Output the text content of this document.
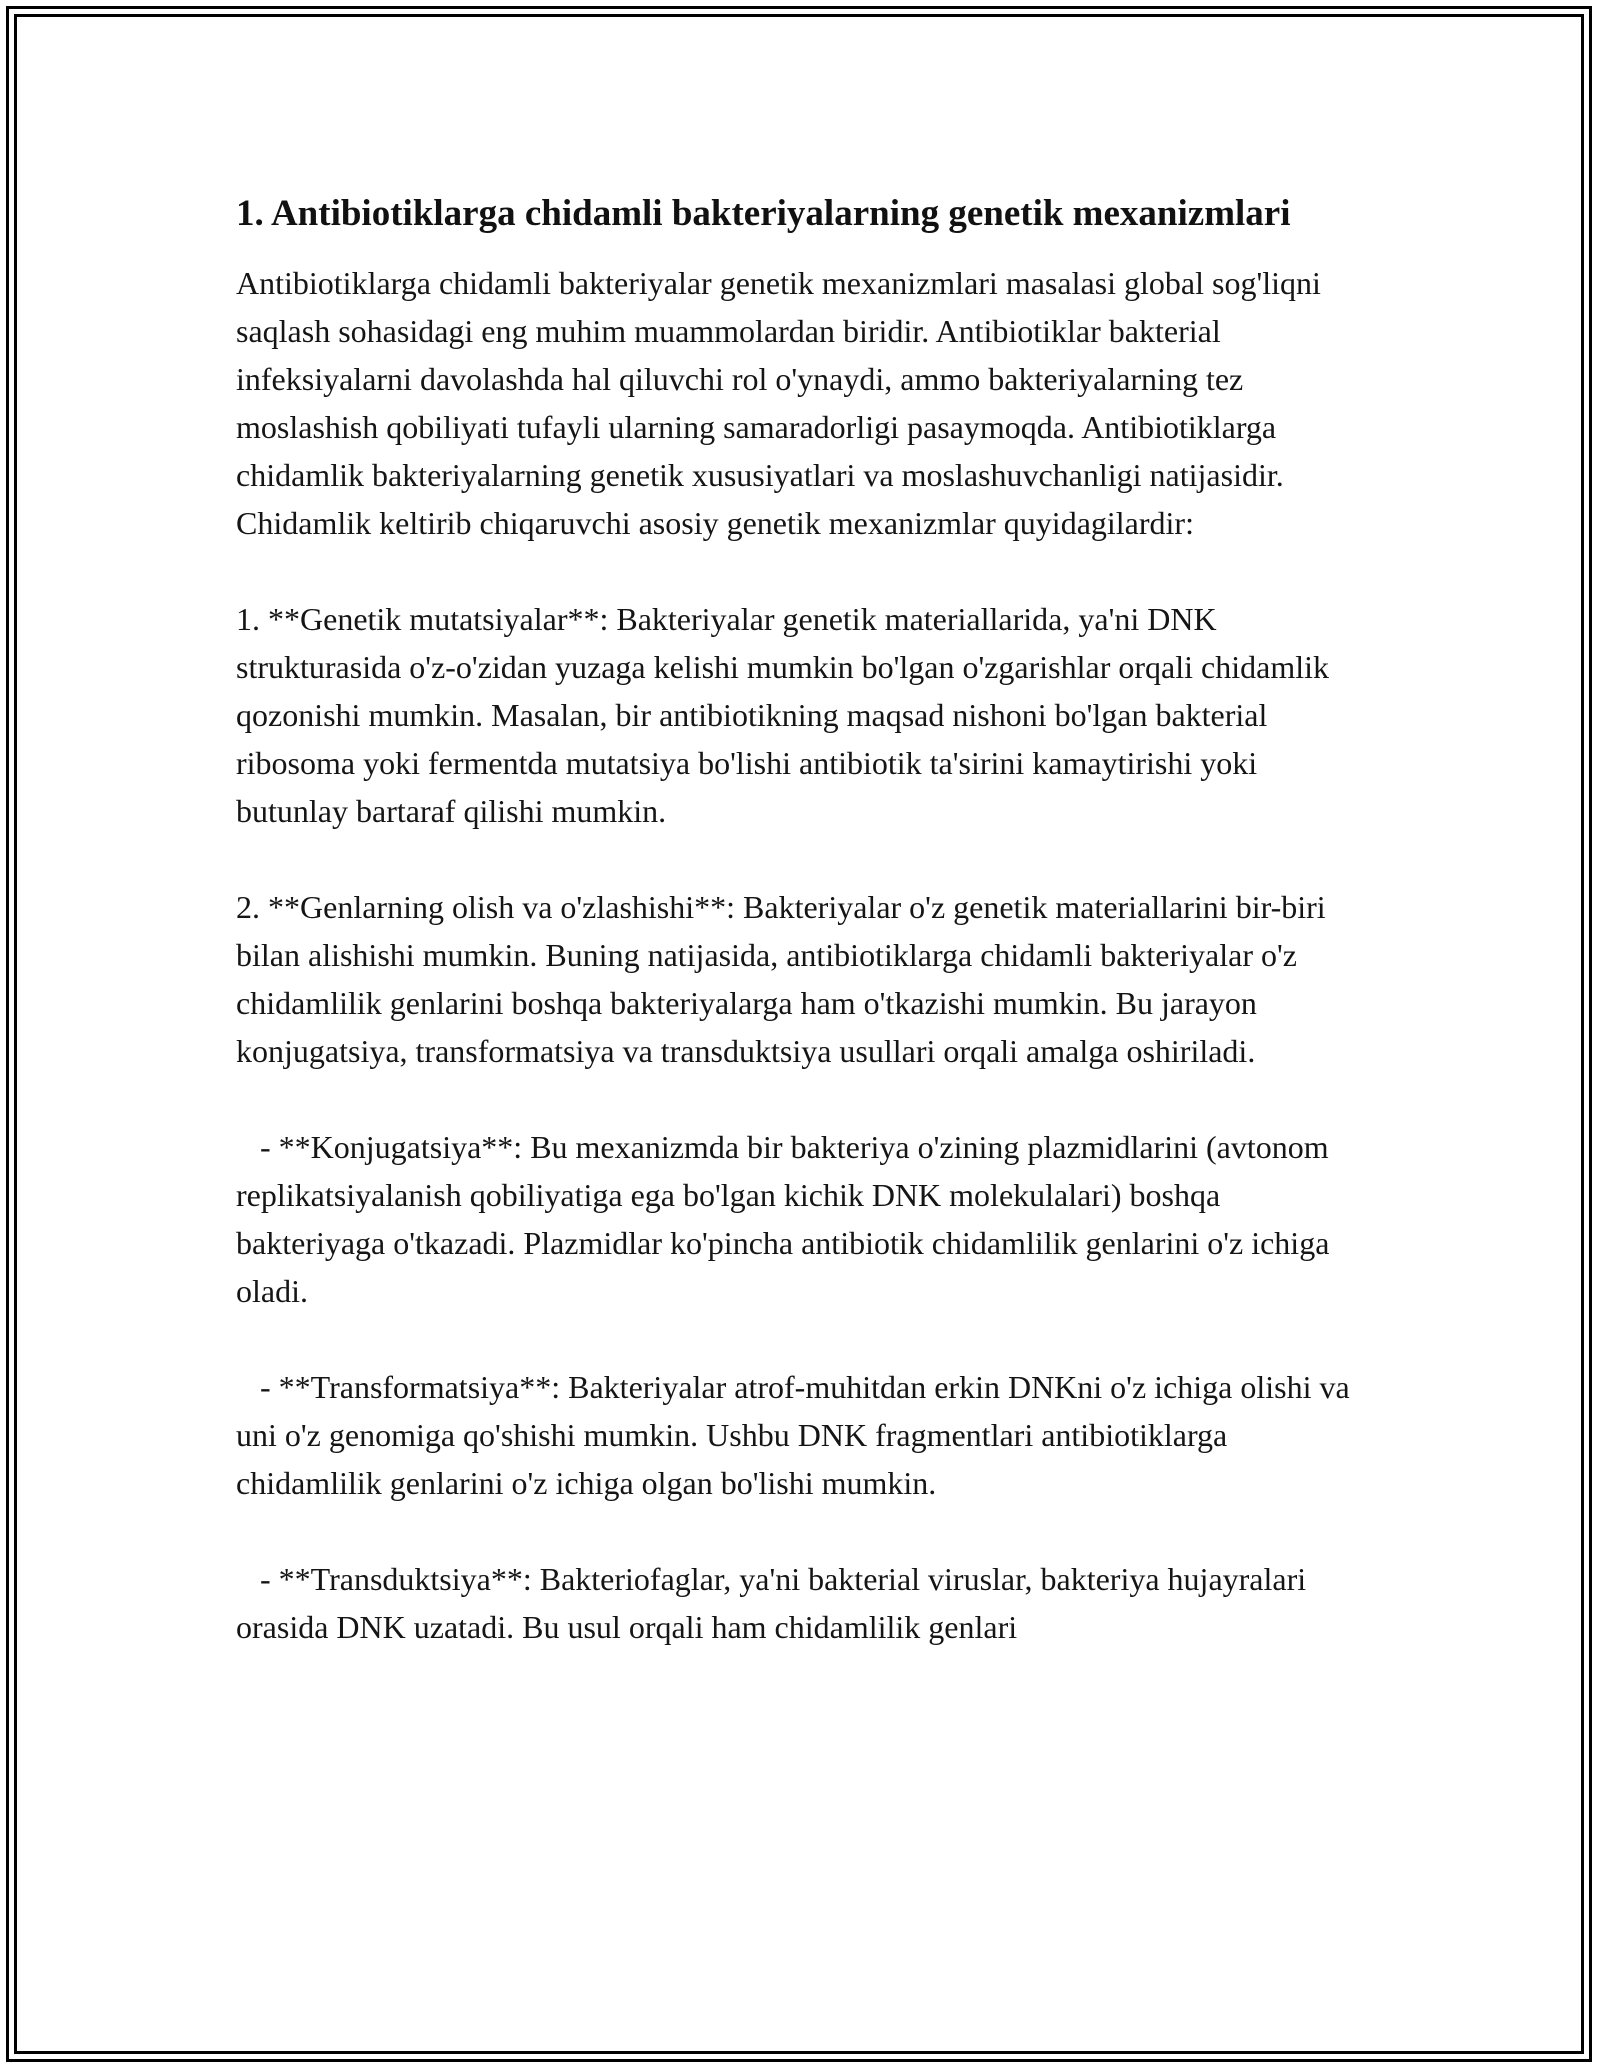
1. Antibiotiklarga chidamli bakteriyalarning genetik mexanizmlari

Antibiotiklarga chidamli bakteriyalar genetik mexanizmlari masalasi global sog'liqni saqlash sohasidagi eng muhim muammolardan biridir. Antibiotiklar bakterial infeksiyalarni davolashda hal qiluvchi rol o'ynaydi, ammo bakteriyalarning tez moslashish qobiliyati tufayli ularning samaradorligi pasaymoqda. Antibiotiklarga chidamlik bakteriyalarning genetik xususiyatlari va moslashuvchanligi natijasidir. Chidamlik keltirib chiqaruvchi asosiy genetik mexanizmlar quyidagilardir:

1. **Genetik mutatsiyalar**: Bakteriyalar genetik materiallarida, ya'ni DNK strukturasida o'z-o'zidan yuzaga kelishi mumkin bo'lgan o'zgarishlar orqali chidamlik qozonishi mumkin. Masalan, bir antibiotikning maqsad nishoni bo'lgan bakterial ribosoma yoki fermentda mutatsiya bo'lishi antibiotik ta'sirini kamaytirishi yoki butunlay bartaraf qilishi mumkin.

2. **Genlarning olish va o'zlashishi**: Bakteriyalar o'z genetik materiallarini bir-biri bilan alishishi mumkin. Buning natijasida, antibiotiklarga chidamli bakteriyalar o'z chidamlilik genlarini boshqa bakteriyalarga ham o'tkazishi mumkin. Bu jarayon konjugatsiya, transformatsiya va transduktsiya usullari orqali amalga oshiriladi.

- **Konjugatsiya**: Bu mexanizmda bir bakteriya o'zining plazmidlarini (avtonom replikatsiyalanish qobiliyatiga ega bo'lgan kichik DNK molekulalari) boshqa bakteriyaga o'tkazadi. Plazmidlar ko'pincha antibiotik chidamlilik genlarini o'z ichiga oladi.

- **Transformatsiya**: Bakteriyalar atrof-muhitdan erkin DNKni o'z ichiga olishi va uni o'z genomiga qo'shishi mumkin. Ushbu DNK fragmentlari antibiotiklarga chidamlilik genlarini o'z ichiga olgan bo'lishi mumkin.

- **Transduktsiya**: Bakteriofaglar, ya'ni bakterial viruslar, bakteriya hujayralari orasida DNK uzatadi. Bu usul orqali ham chidamlilik genlari
